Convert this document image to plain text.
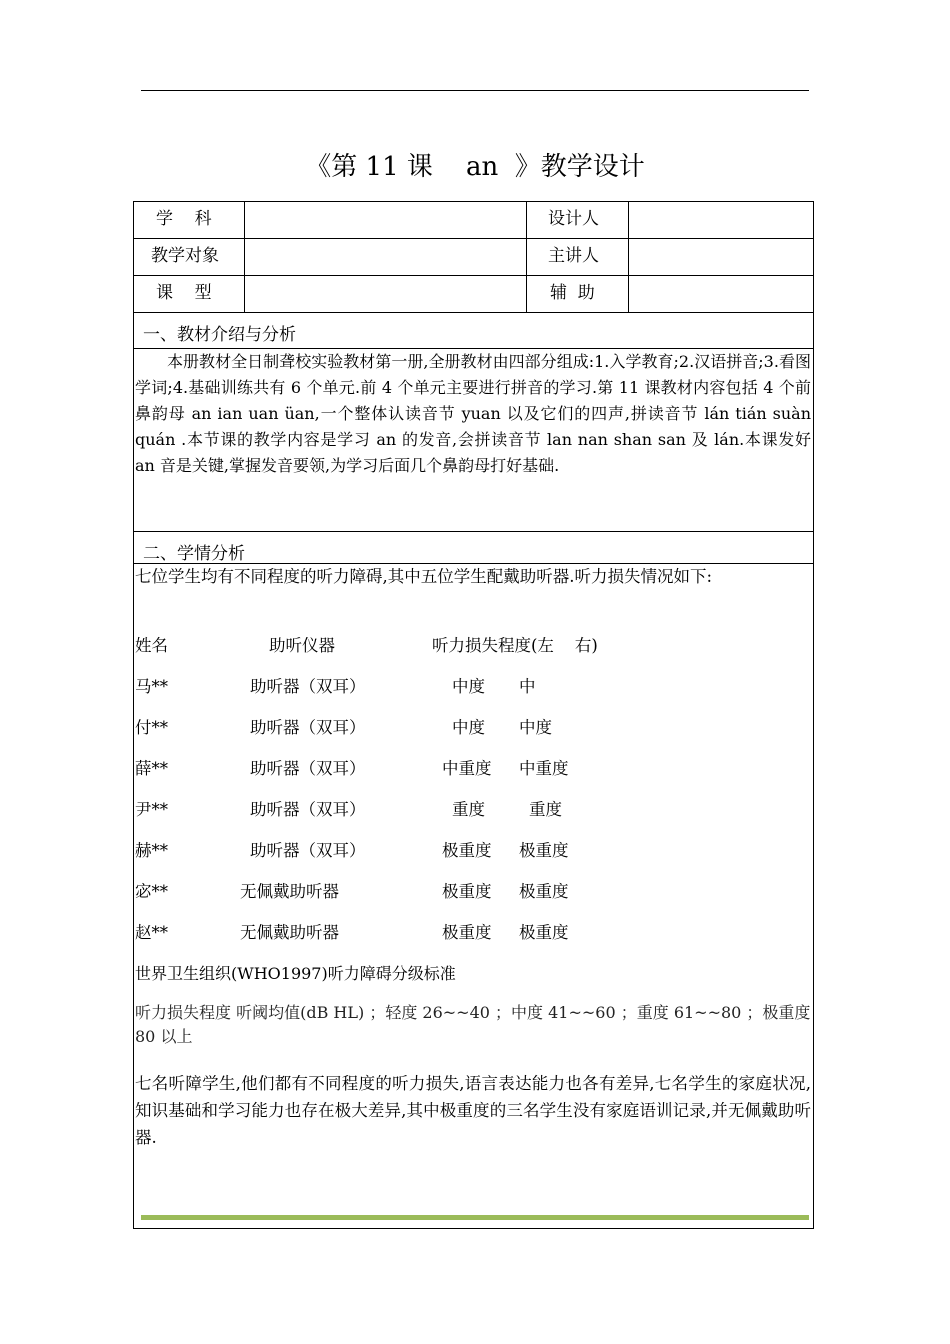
《第 11 课    an  》教学设计
学    科	设计人
教学对象	主讲人
课    型	辅  助
一、教材介绍与分析

本册教材全日制聋校实验教材第一册,全册教材由四部分组成:1.入学教育;2.汉语拼音;3.看图学词;4.基础训练共有 6 个单元.前 4 个单元主要进行拼音的学习.第 11 课教材内容包括 4 个前鼻韵母 an ian uan üan,一个整体认读音节 yuan 以及它们的四声,拼读音节 lán tián suàn quán .本节课的教学内容是学习 an 的发音,会拼读音节 lan nan shan san 及 lán.本课发好 an 音是关键,掌握发音要领,为学习后面几个鼻韵母打好基础.

二、学情分析
七位学生均有不同程度的听力障碍,其中五位学生配戴助听器.听力损失情况如下:
姓名	助听仪器	听力损失程度(左    右)
马**	助听器（双耳）	中度 中
付**	助听器（双耳）	中度 中度
薛**	助听器（双耳）	中重度 中重度
尹**	助听器（双耳）	重度	重度
赫**	助听器（双耳）	极重度 极重度
宓**	无佩戴助听器	极重度 极重度
赵**	无佩戴助听器	极重度 极重度
世界卫生组织(WHO1997)听力障碍分级标准
听力损失程度 听阈均值(dB HL) ；轻度 26~~40 ；中度 41~~60 ；重度 61~~80 ；极重度 80 以上
七名听障学生,他们都有不同程度的听力损失,语言表达能力也各有差异,七名学生的家庭状况,知识基础和学习能力也存在极大差异,其中极重度的三名学生没有家庭语训记录,并无佩戴助听器.
